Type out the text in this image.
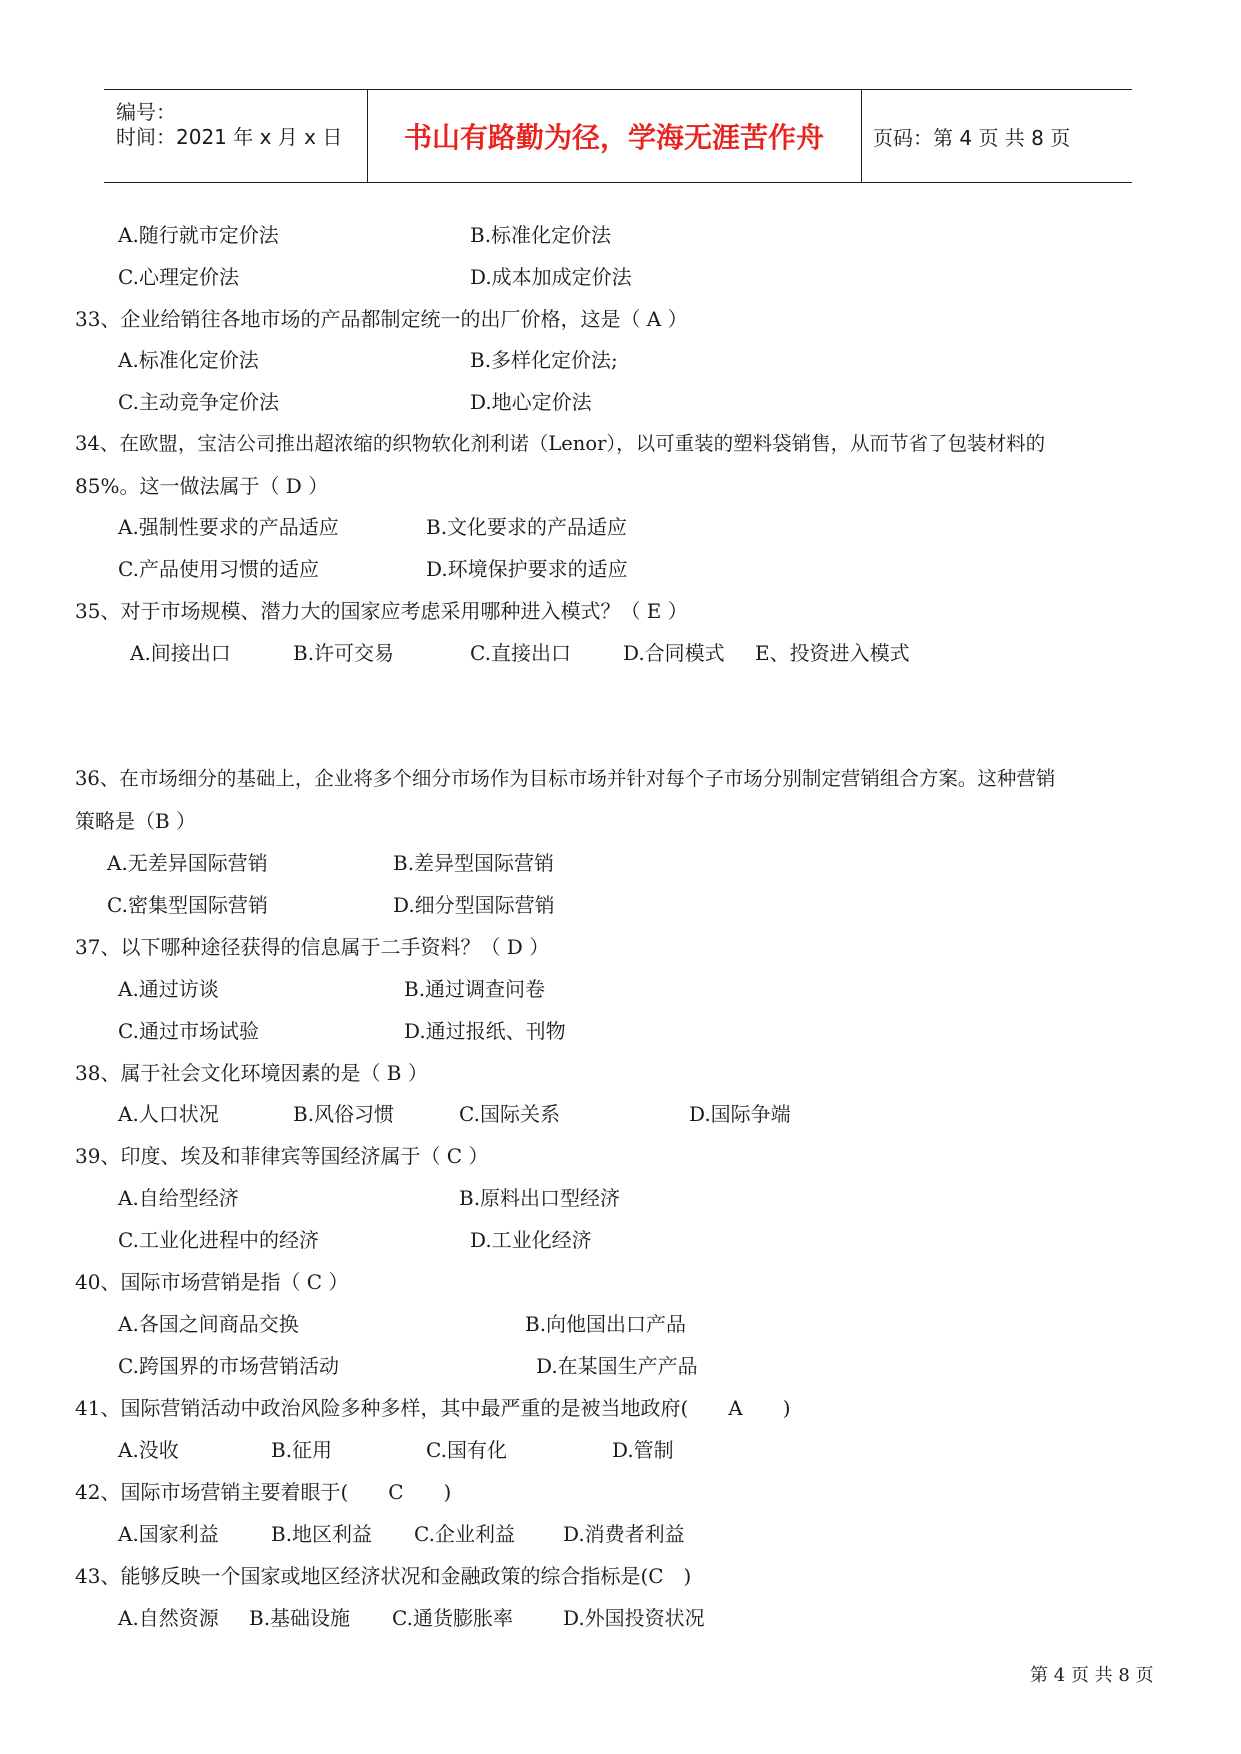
编号：
时间：2021 年 x 月 x 日 书山有路勤为径，学海无涯苦作舟 页码：第 4 页 共 8 页
A.随行就市定价法	B.标准化定价法
C.心理定价法	D.成本加成定价法
33、企业给销往各地市场的产品都制定统一的出厂价格，这是（ A ）
A.标准化定价法	B.多样化定价法;
C.主动竞争定价法	D.地心定价法
34、在欧盟，宝洁公司推出超浓缩的织物软化剂利诺（Lenor），以可重装的塑料袋销售，从而节省了包装材料的
85%。这一做法属于（ D ）
A.强制性要求的产品适应	B.文化要求的产品适应
C.产品使用习惯的适应	D.环境保护要求的适应
35、对于市场规模、潜力大的国家应考虑采用哪种进入模式？（ E ）
A.间接出口	B.许可交易	C.直接出口	D.合同模式 E、投资进入模式
36、在市场细分的基础上，企业将多个细分市场作为目标市场并针对每个子市场分别制定营销组合方案。这种营销
策略是（B ）
A.无差异国际营销	B.差异型国际营销
C.密集型国际营销	D.细分型国际营销
37、以下哪种途径获得的信息属于二手资料？（ D ）
A.通过访谈	B.通过调查问卷
C.通过市场试验	D.通过报纸、刊物
38、属于社会文化环境因素的是（ B ）
A.人口状况	B.风俗习惯	C.国际关系	D.国际争端
39、印度、埃及和菲律宾等国经济属于（ C ）
A.自给型经济	B.原料出口型经济
C.工业化进程中的经济	D.工业化经济
40、国际市场营销是指（ C ）
A.各国之间商品交换	B.向他国出口产品
C.跨国界的市场营销活动	D.在某国生产产品
41、国际营销活动中政治风险多种多样，其中最严重的是被当地政府(　　A　　)
A.没收	B.征用	C.国有化	D.管制
42、国际市场营销主要着眼于(　　C　　)
A.国家利益	B.地区利益 C.企业利益 D.消费者利益
43、能够反映一个国家或地区经济状况和金融政策的综合指标是(C　)
A.自然资源 B.基础设施 C.通货膨胀率	D.外国投资状况
第 4 页 共 8 页
